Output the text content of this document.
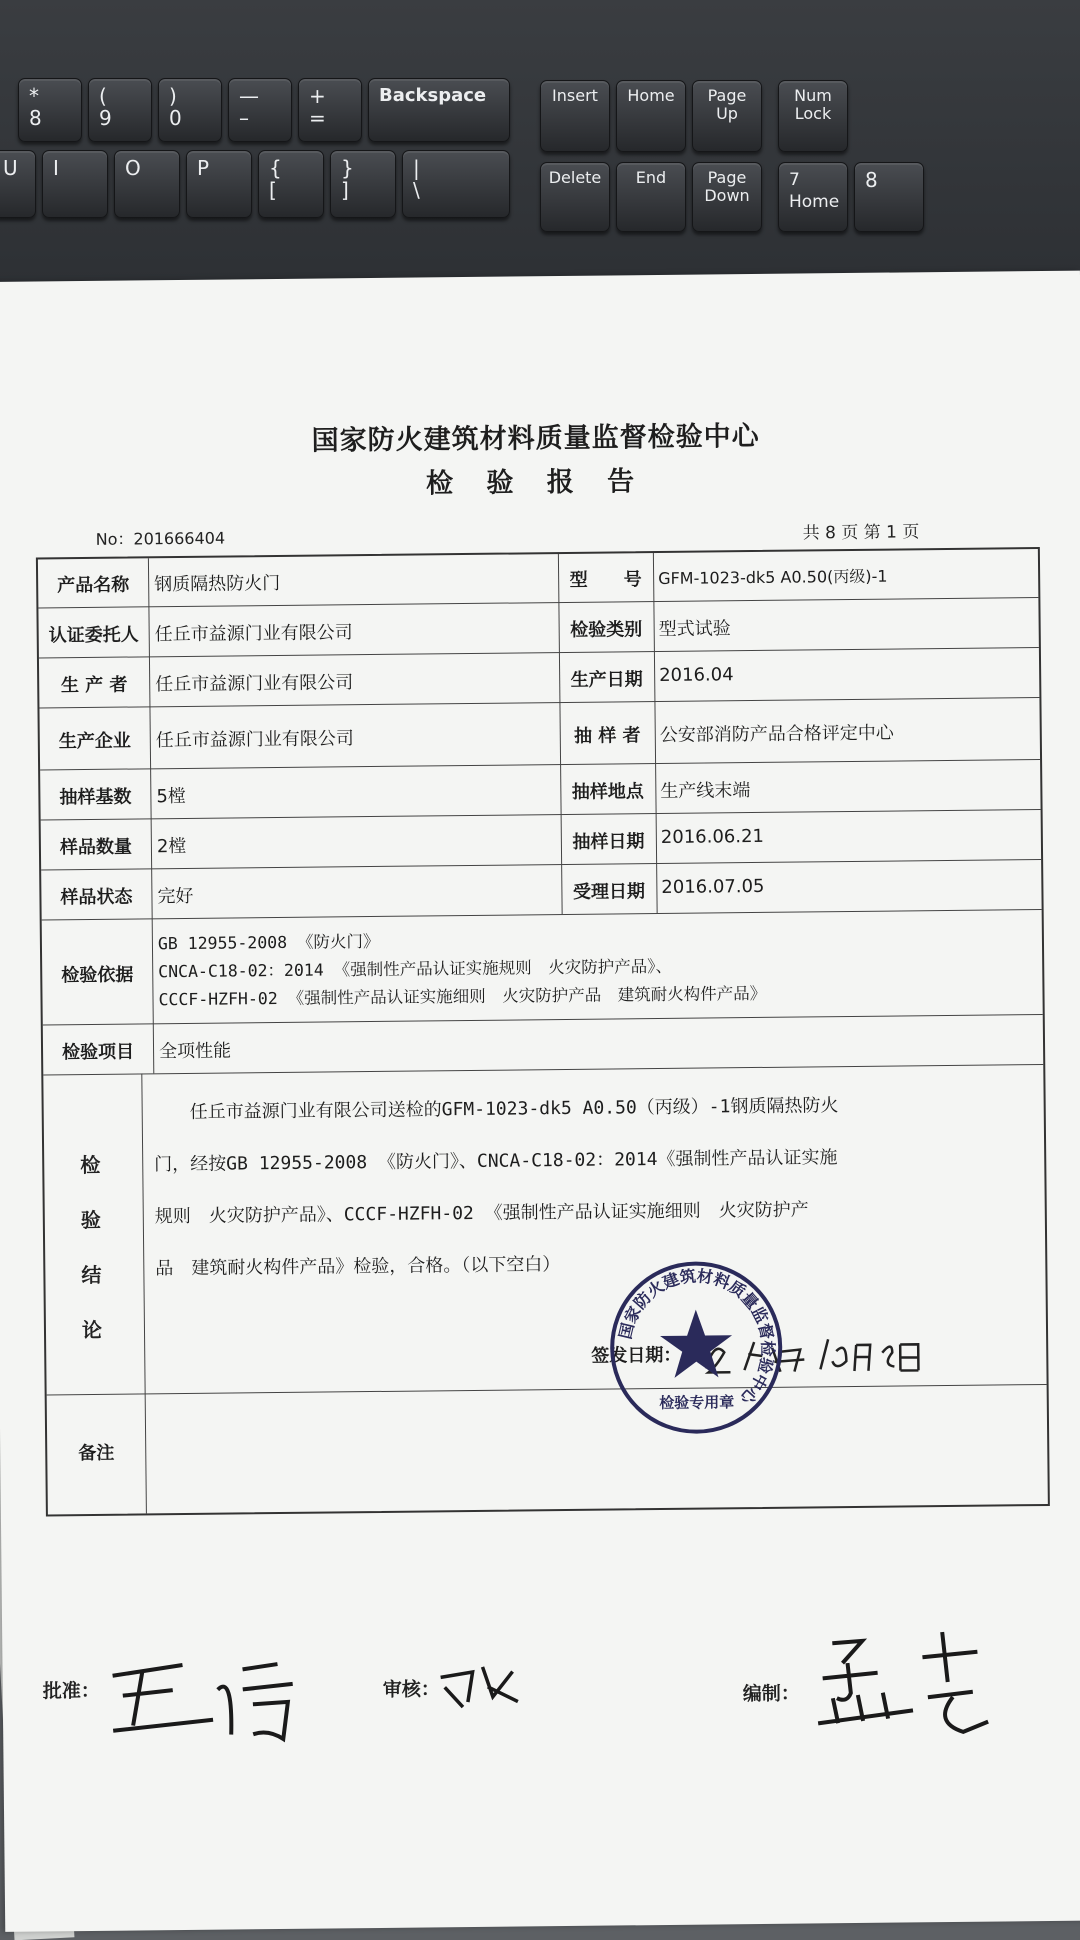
*
8
(
9
)
0
—
–
+
=
Backspace	Insert	Home	Page
Up
Num
Lock
U I	O	P	{
[
}
]
|
\
Delete	End	Page
Down
7
Home
8
国家防火建筑材料质量监督检验中心
检 验 报 告
No：201666404	共 8 页 第 1 页
产品名称	钢质隔热防火门	型　　号	GFM-1023-dk5 A0.50(丙级)-1
认证委托人 任丘市益源门业有限公司	检验类别 型式试验
生 产 者	任丘市益源门业有限公司	生产日期 2016.04
生产企业	任丘市益源门业有限公司	抽 样 者	公安部消防产品合格评定中心
抽样基数	5樘	抽样地点 生产线末端
样品数量	2樘	抽样日期 2016.06.21
样品状态	完好	受理日期 2016.07.05
检验依据
GB 12955-2008 《防火门》
CNCA-C18-02：2014 《强制性产品认证实施规则　火灾防护产品》、
CCCF-HZFH-02 《强制性产品认证实施细则　火灾防护产品　建筑耐火构件产品》
检验项目	全项性能
检
验
结
论
　　任丘市益源门业有限公司送检的GFM-1023-dk5 A0.50（丙级）-1钢质隔热防火
门，经按GB 12955-2008 《防火门》、CNCA-C18-02：2014《强制性产品认证实施
规则　火灾防护产品》、CCCF-HZFH-02 《强制性产品认证实施细则　火灾防护产
品　建筑耐火构件产品》检验，合格。（以下空白）
签发日期：
国家防火建筑材料质量监督检验中心
检验专用章
备注
批准：	审核：	编制：
